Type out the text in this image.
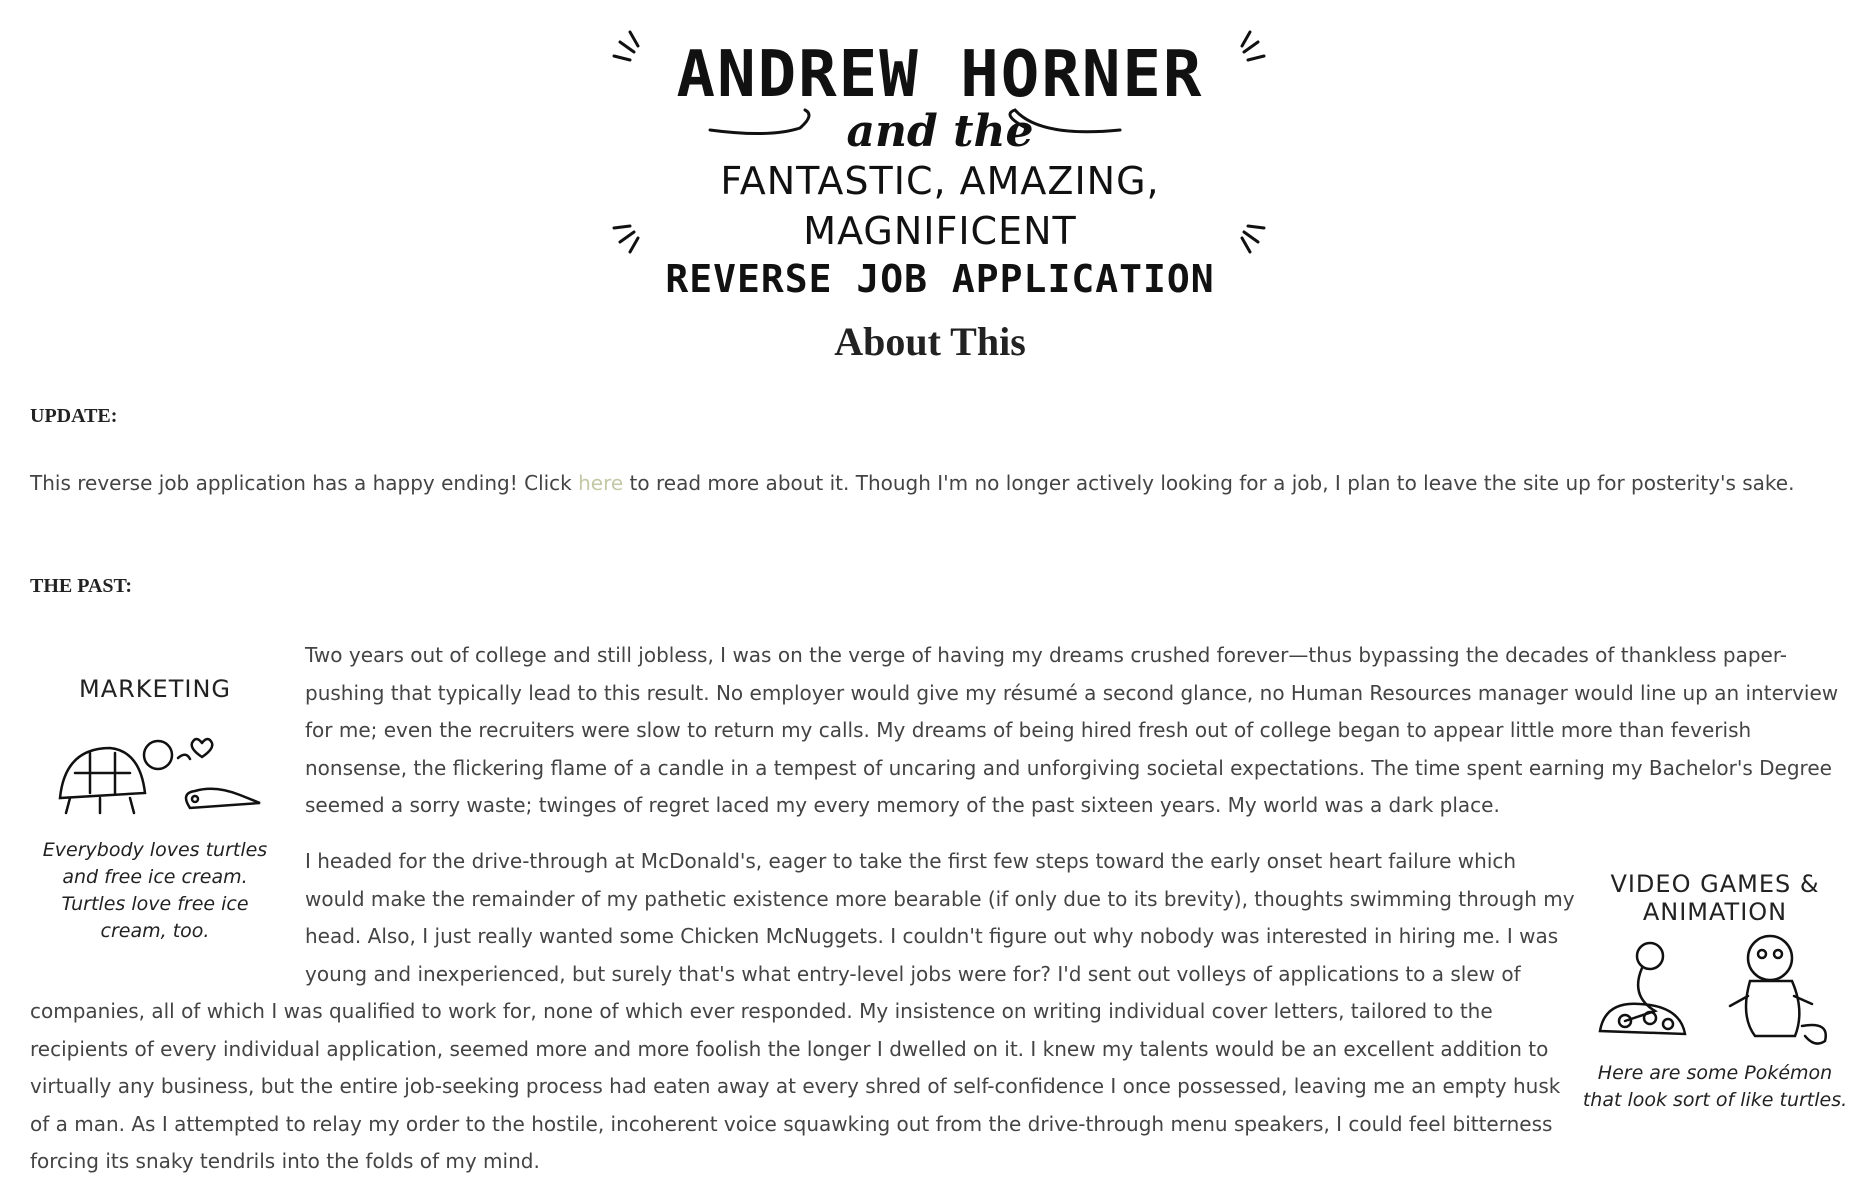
ANDREW HORNER
and the
FANTASTIC, AMAZING, MAGNIFICENT
REVERSE JOB APPLICATION
About This
UPDATE:

This reverse job application has a happy ending! Click here to read more about it. Though I'm no longer actively looking for a job, I plan to leave the site up for posterity's sake.

THE PAST:
MARKETING
Everybody loves turtles and free ice cream. Turtles love free ice cream, too.
VIDEO GAMES & ANIMATION
Here are some Pokémon that look sort of like turtles.

Two years out of college and still jobless, I was on the verge of having my dreams crushed forever—thus bypassing the decades of thankless paper-pushing that typically lead to this result. No employer would give my résumé a second glance, no Human Resources manager would line up an interview for me; even the recruiters were slow to return my calls. My dreams of being hired fresh out of college began to appear little more than feverish nonsense, the flickering flame of a candle in a tempest of uncaring and unforgiving societal expectations. The time spent earning my Bachelor's Degree seemed a sorry waste; twinges of regret laced my every memory of the past sixteen years. My world was a dark place.

I headed for the drive-through at McDonald's, eager to take the first few steps toward the early onset heart failure which would make the remainder of my pathetic existence more bearable (if only due to its brevity), thoughts swimming through my head. Also, I just really wanted some Chicken McNuggets. I couldn't figure out why nobody was interested in hiring me. I was young and inexperienced, but surely that's what entry-level jobs were for? I'd sent out volleys of applications to a slew of companies, all of which I was qualified to work for, none of which ever responded. My insistence on writing individual cover letters, tailored to the recipients of every individual application, seemed more and more foolish the longer I dwelled on it. I knew my talents would be an excellent addition to virtually any business, but the entire job-seeking process had eaten away at every shred of self-confidence I once possessed, leaving me an empty husk of a man. As I attempted to relay my order to the hostile, incoherent voice squawking out from the drive-through menu speakers, I could feel bitterness forcing its snaky tendrils into the folds of my mind.
